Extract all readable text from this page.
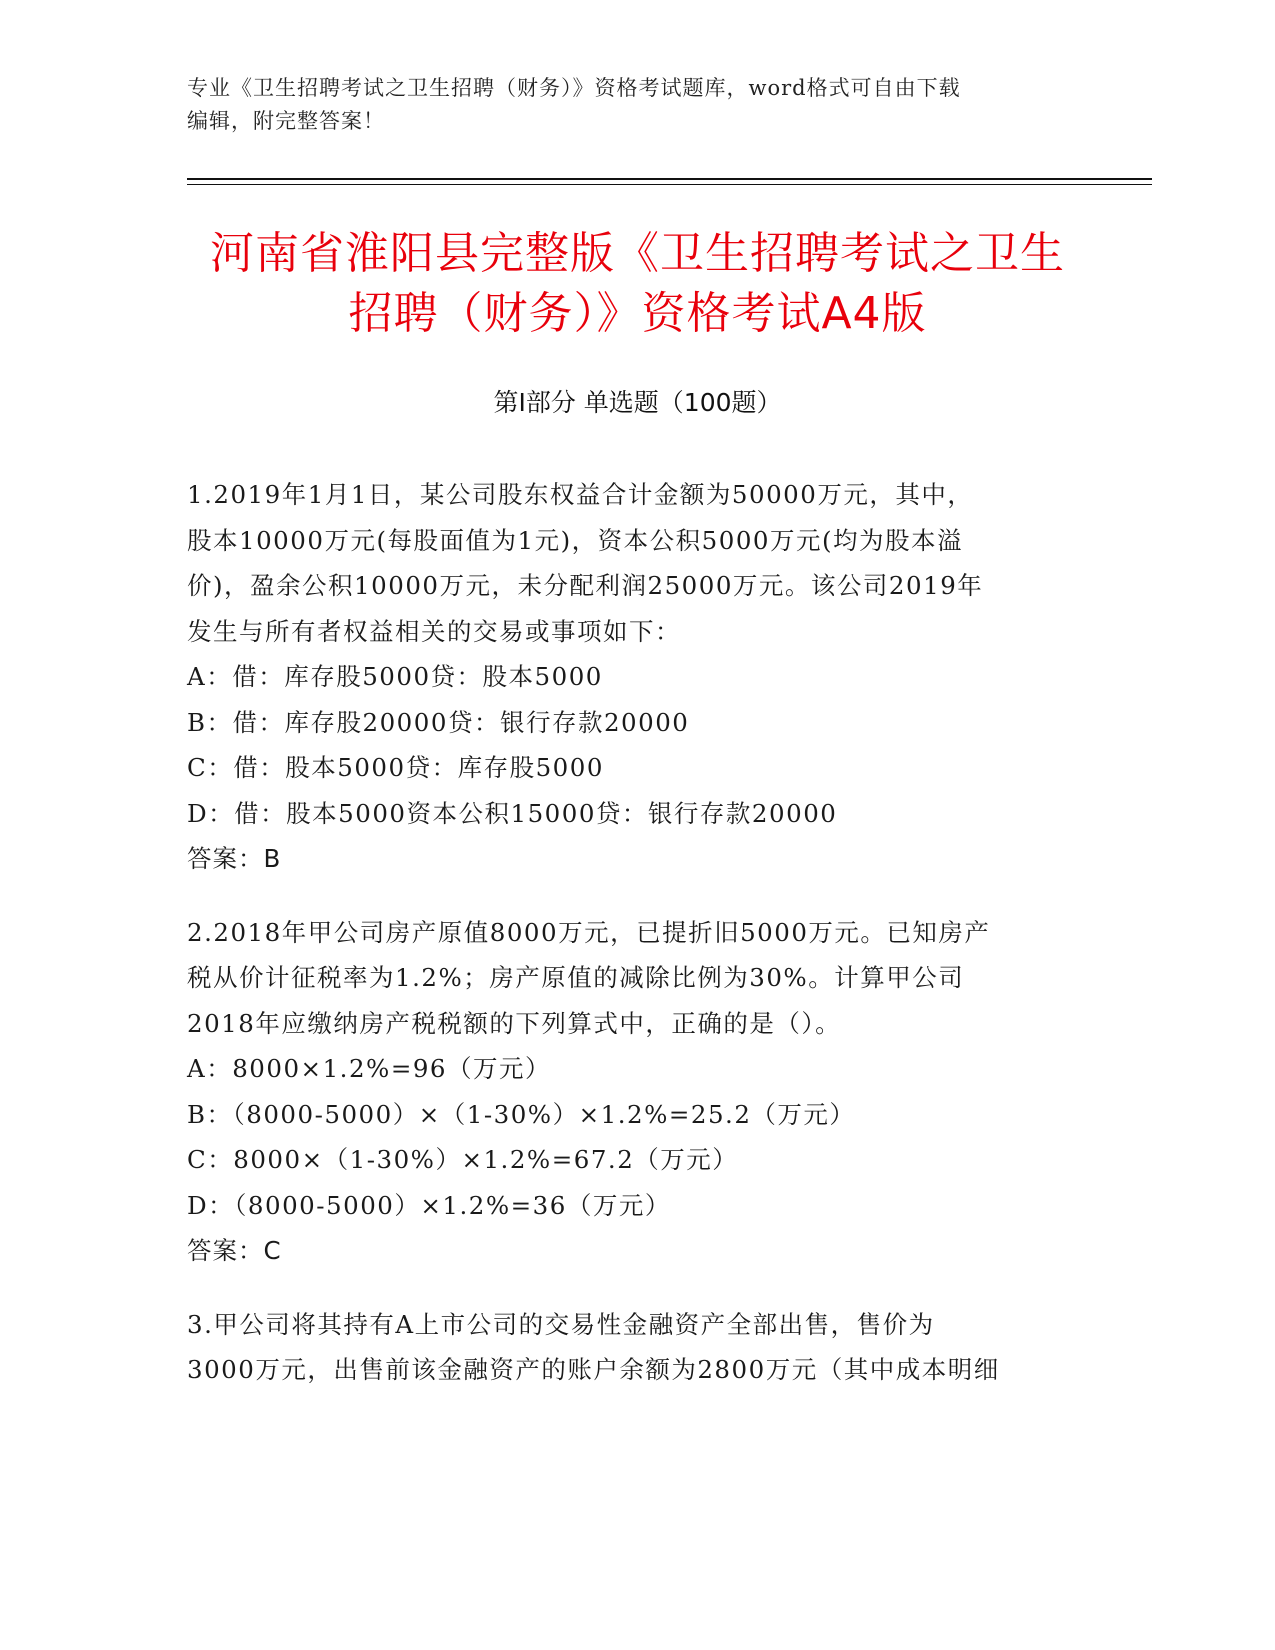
专业《卫生招聘考试之卫生招聘（财务）》资格考试题库，word格式可自由下载
编辑，附完整答案！
河南省淮阳县完整版《卫生招聘考试之卫生
招聘（财务）》资格考试A4版
第Ⅰ部分 单选题（100题）
1.2019年1月1日，某公司股东权益合计金额为50000万元，其中，
股本10000万元(每股面值为1元)，资本公积5000万元(均为股本溢
价)，盈余公积10000万元，未分配利润25000万元。该公司2019年
发生与所有者权益相关的交易或事项如下：
A：借：库存股5000贷：股本5000
B：借：库存股20000贷：银行存款20000
C：借：股本5000贷：库存股5000
D：借：股本5000资本公积15000贷：银行存款20000
答案：B
2.2018年甲公司房产原值8000万元，已提折旧5000万元。已知房产
税从价计征税率为1.2%；房产原值的减除比例为30%。计算甲公司
2018年应缴纳房产税税额的下列算式中，正确的是（）。
A：8000×1.2%=96（万元）
B：（8000-5000）×（1-30%）×1.2%=25.2（万元）
C：8000×（1-30%）×1.2%=67.2（万元）
D：（8000-5000）×1.2%=36（万元）
答案：C
3.甲公司将其持有A上市公司的交易性金融资产全部出售，售价为
3000万元，出售前该金融资产的账户余额为2800万元（其中成本明细
